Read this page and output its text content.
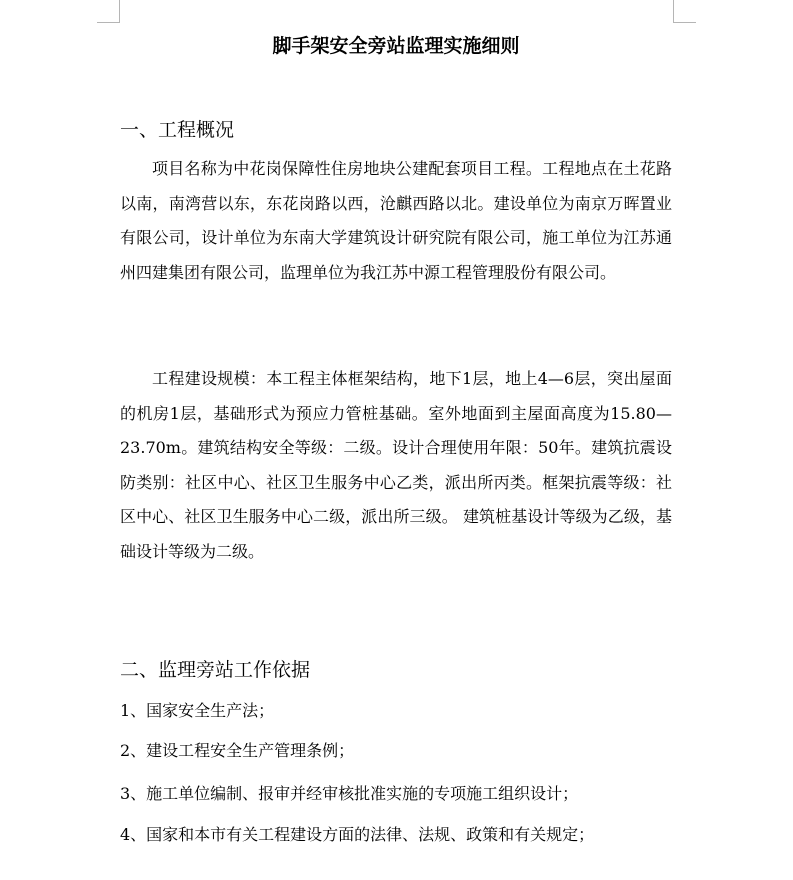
脚手架安全旁站监理实施细则
一、工程概况

项目名称为中花岗保障性住房地块公建配套项目工程。工程地点在土花路以南，南湾营以东，东花岗路以西，沧麒西路以北。建设单位为南京万晖置业有限公司，设计单位为东南大学建筑设计研究院有限公司，施工单位为江苏通州四建集团有限公司，监理单位为我江苏中源工程管理股份有限公司。

工程建设规模：本工程主体框架结构，地下1层，地上4—6层，突出屋面的机房1层，基础形式为预应力管桩基础。室外地面到主屋面高度为15.80—23.70m。建筑结构安全等级：二级。设计合理使用年限：50年。建筑抗震设防类别：社区中心、社区卫生服务中心乙类，派出所丙类。框架抗震等级：社区中心、社区卫生服务中心二级，派出所三级。 建筑桩基设计等级为乙级，基础设计等级为二级。

二、监理旁站工作依据

1、国家安全生产法；

2、建设工程安全生产管理条例；

3、施工单位编制、报审并经审核批准实施的专项施工组织设计；

4、国家和本市有关工程建设方面的法律、法规、政策和有关规定；
